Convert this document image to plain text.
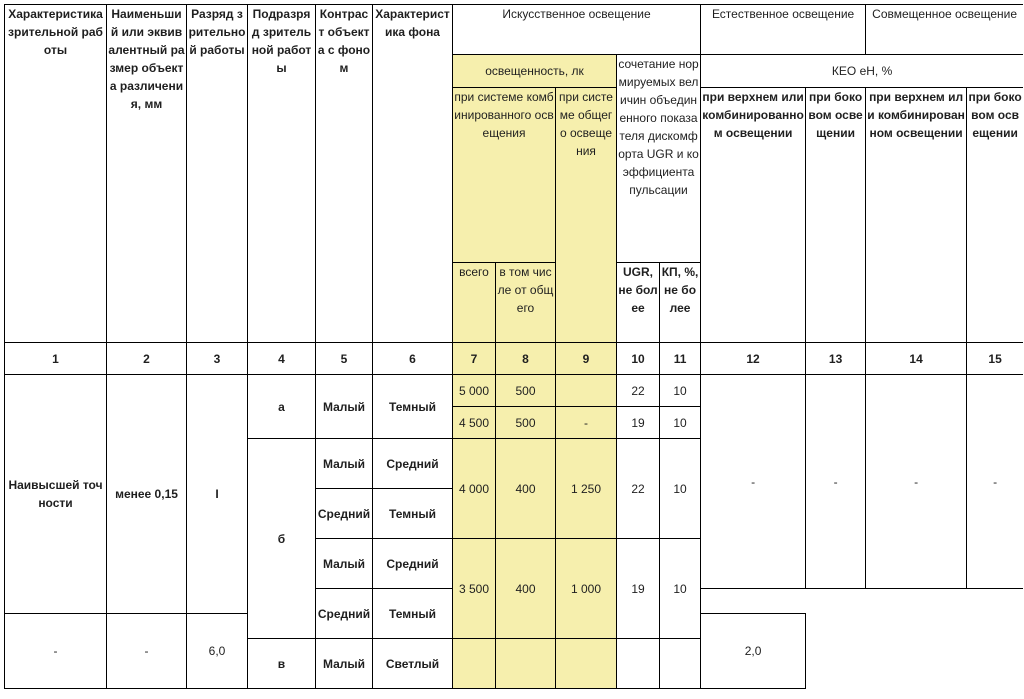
Характеристика зрительной работы	Наименьший или эквивалентный размер объекта различения, мм	Разряд зрительной работы	Подразряд зрительной работы	Контраст объекта с фоном	Характеристика фона	Искусственное освещение					Естественное освещение		Совмещенное освещение	
						освещенность, лк			сочетание нормируемых величин объединенного показателя дискомфорта UGR и коэффициента пульсации		КЕО еН, %			
						при системе комбинированного освещения		при системе общего освещения			при верхнем или комбинированном освещении	при боковом освещении	при верхнем или комбинированном освещении	при боковом освещении
						всего	в том числе от общего							
									UGR, не более	КП, %, не более				
1	2	3	4	5	6	7	8	9	10	11	12	13	14	15
Наивысшей точности	менее 0,15	I	а	Малый	Темный	5 000	500		22	10	-	-	-	-
						4 500	500	-	19	10				
			б	Малый	Средний	4 000	400	1 250	22	10				

				Средний	Темный									

				Малый	Средний	3 500	400	1 000	19	10				

				Средний	Темный									
-	-	6,0									2,0			
			в	Малый	Светлый									
